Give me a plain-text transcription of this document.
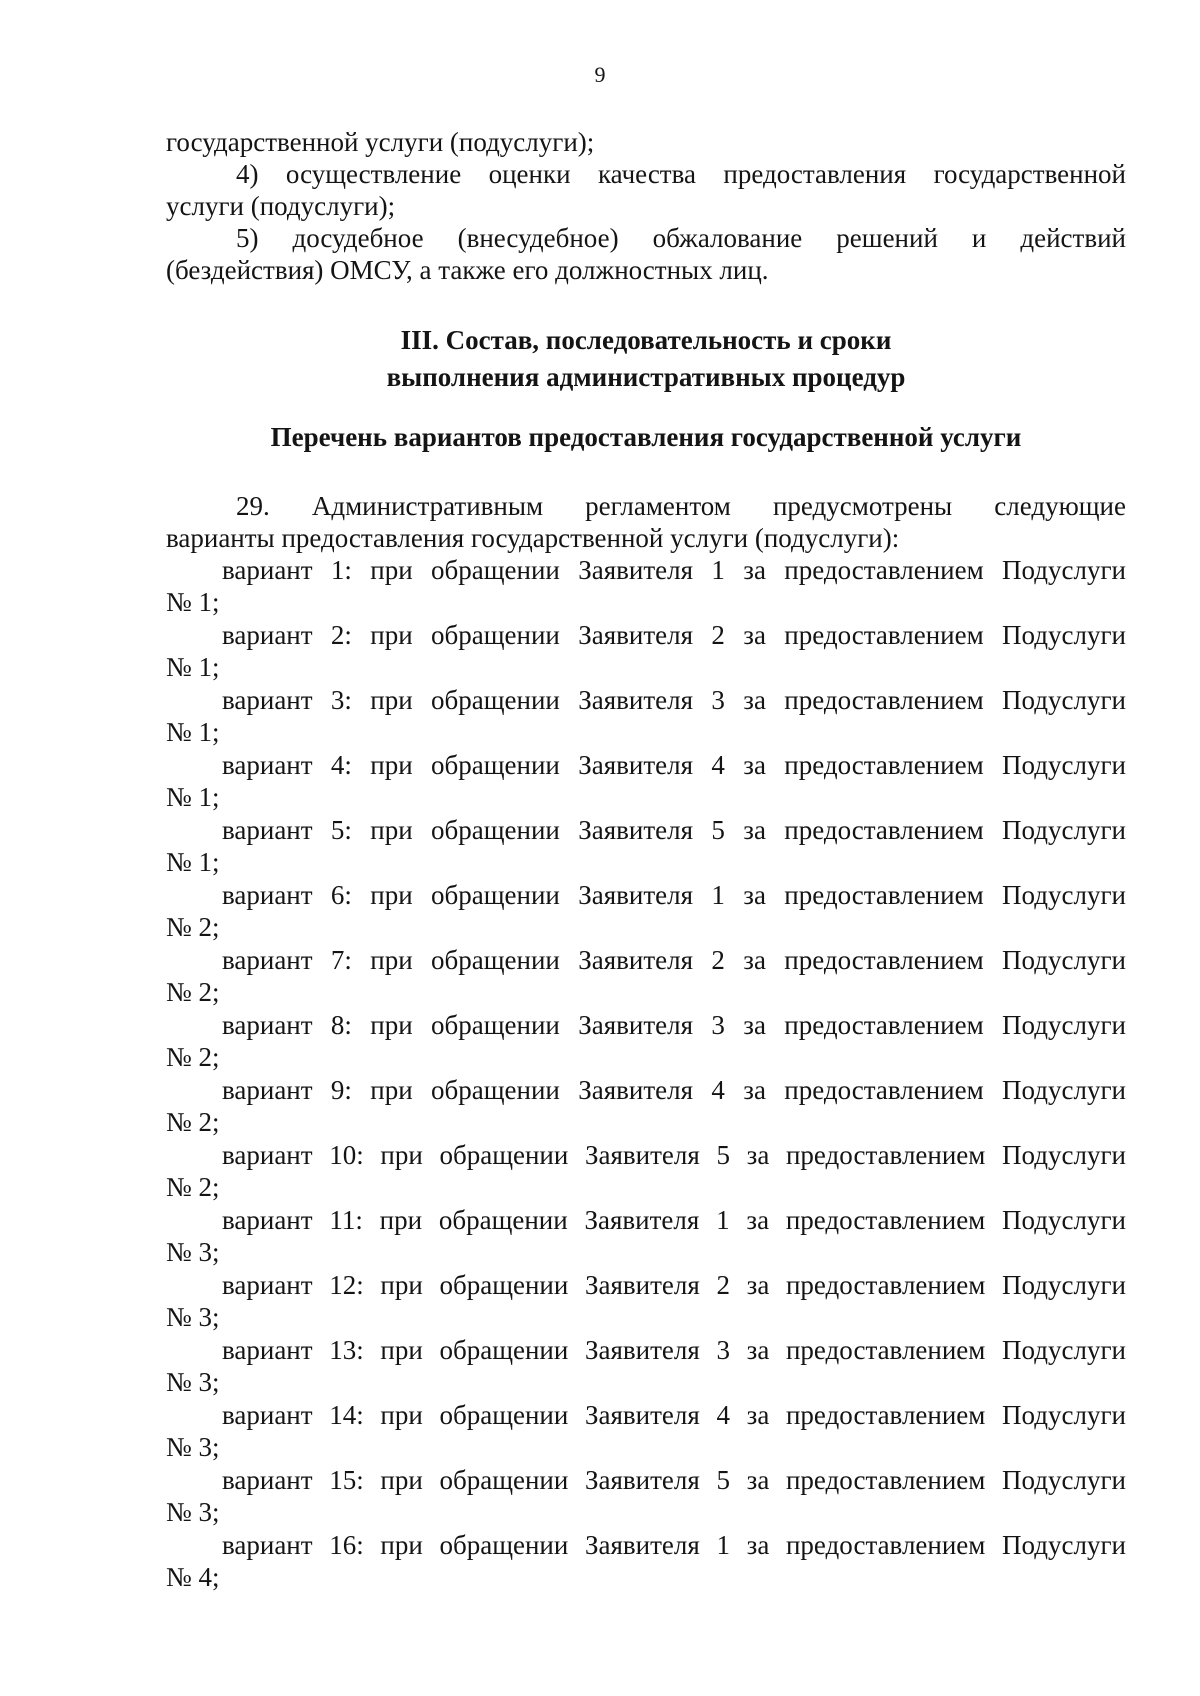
9
государственной услуги (подуслуги);
4) осуществление оценки качества предоставления государственной
услуги (подуслуги);
5) досудебное (внесудебное) обжалование решений и действий
(бездействия) ОМСУ, а также его должностных лиц.
III. Состав, последовательность и сроки
выполнения административных процедур
Перечень вариантов предоставления государственной услуги
29. Административным регламентом предусмотрены следующие
варианты предоставления государственной услуги (подуслуги):
вариант 1: при обращении Заявителя 1 за предоставлением Подуслуги
№ 1;
вариант 2: при обращении Заявителя 2 за предоставлением Подуслуги
№ 1;
вариант 3: при обращении Заявителя 3 за предоставлением Подуслуги
№ 1;
вариант 4: при обращении Заявителя 4 за предоставлением Подуслуги
№ 1;
вариант 5: при обращении Заявителя 5 за предоставлением Подуслуги
№ 1;
вариант 6: при обращении Заявителя 1 за предоставлением Подуслуги
№ 2;
вариант 7: при обращении Заявителя 2 за предоставлением Подуслуги
№ 2;
вариант 8: при обращении Заявителя 3 за предоставлением Подуслуги
№ 2;
вариант 9: при обращении Заявителя 4 за предоставлением Подуслуги
№ 2;
вариант 10: при обращении Заявителя 5 за предоставлением Подуслуги
№ 2;
вариант 11: при обращении Заявителя 1 за предоставлением Подуслуги
№ 3;
вариант 12: при обращении Заявителя 2 за предоставлением Подуслуги
№ 3;
вариант 13: при обращении Заявителя 3 за предоставлением Подуслуги
№ 3;
вариант 14: при обращении Заявителя 4 за предоставлением Подуслуги
№ 3;
вариант 15: при обращении Заявителя 5 за предоставлением Подуслуги
№ 3;
вариант 16: при обращении Заявителя 1 за предоставлением Подуслуги
№ 4;
